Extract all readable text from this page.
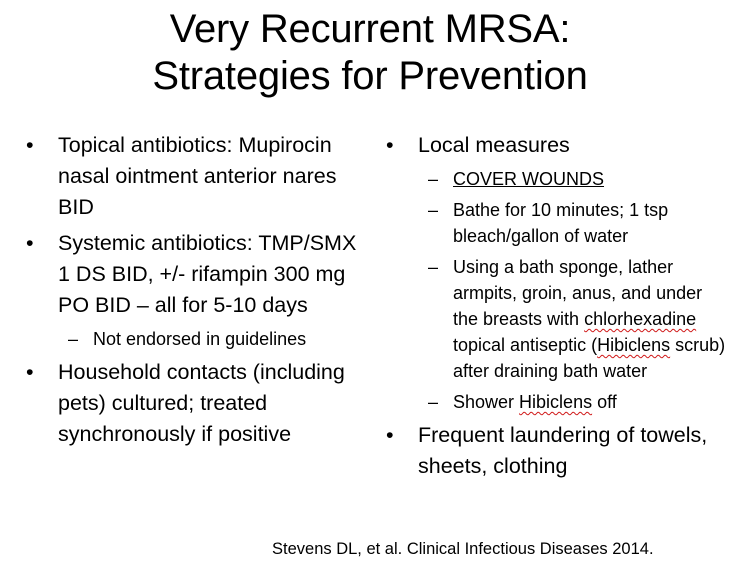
Very Recurrent MRSA:
Strategies for Prevention
• Topical antibiotics: Mupirocin nasal ointment anterior nares BID
• Systemic antibiotics: TMP/SMX 1 DS BID, +/- rifampin 300 mg PO BID – all for 5-10 days
– Not endorsed in guidelines
• Household contacts (including pets) cultured; treated synchronously if positive
• Local measures
– COVER WOUNDS
– Bathe for 10 minutes; 1 tsp bleach/gallon of water
– Using a bath sponge, lather armpits, groin, anus, and under the breasts with chlorhexadine topical antiseptic (Hibiclens scrub) after draining bath water
– Shower Hibiclens off
• Frequent laundering of towels, sheets, clothing
Stevens DL, et al. Clinical Infectious Diseases 2014.
